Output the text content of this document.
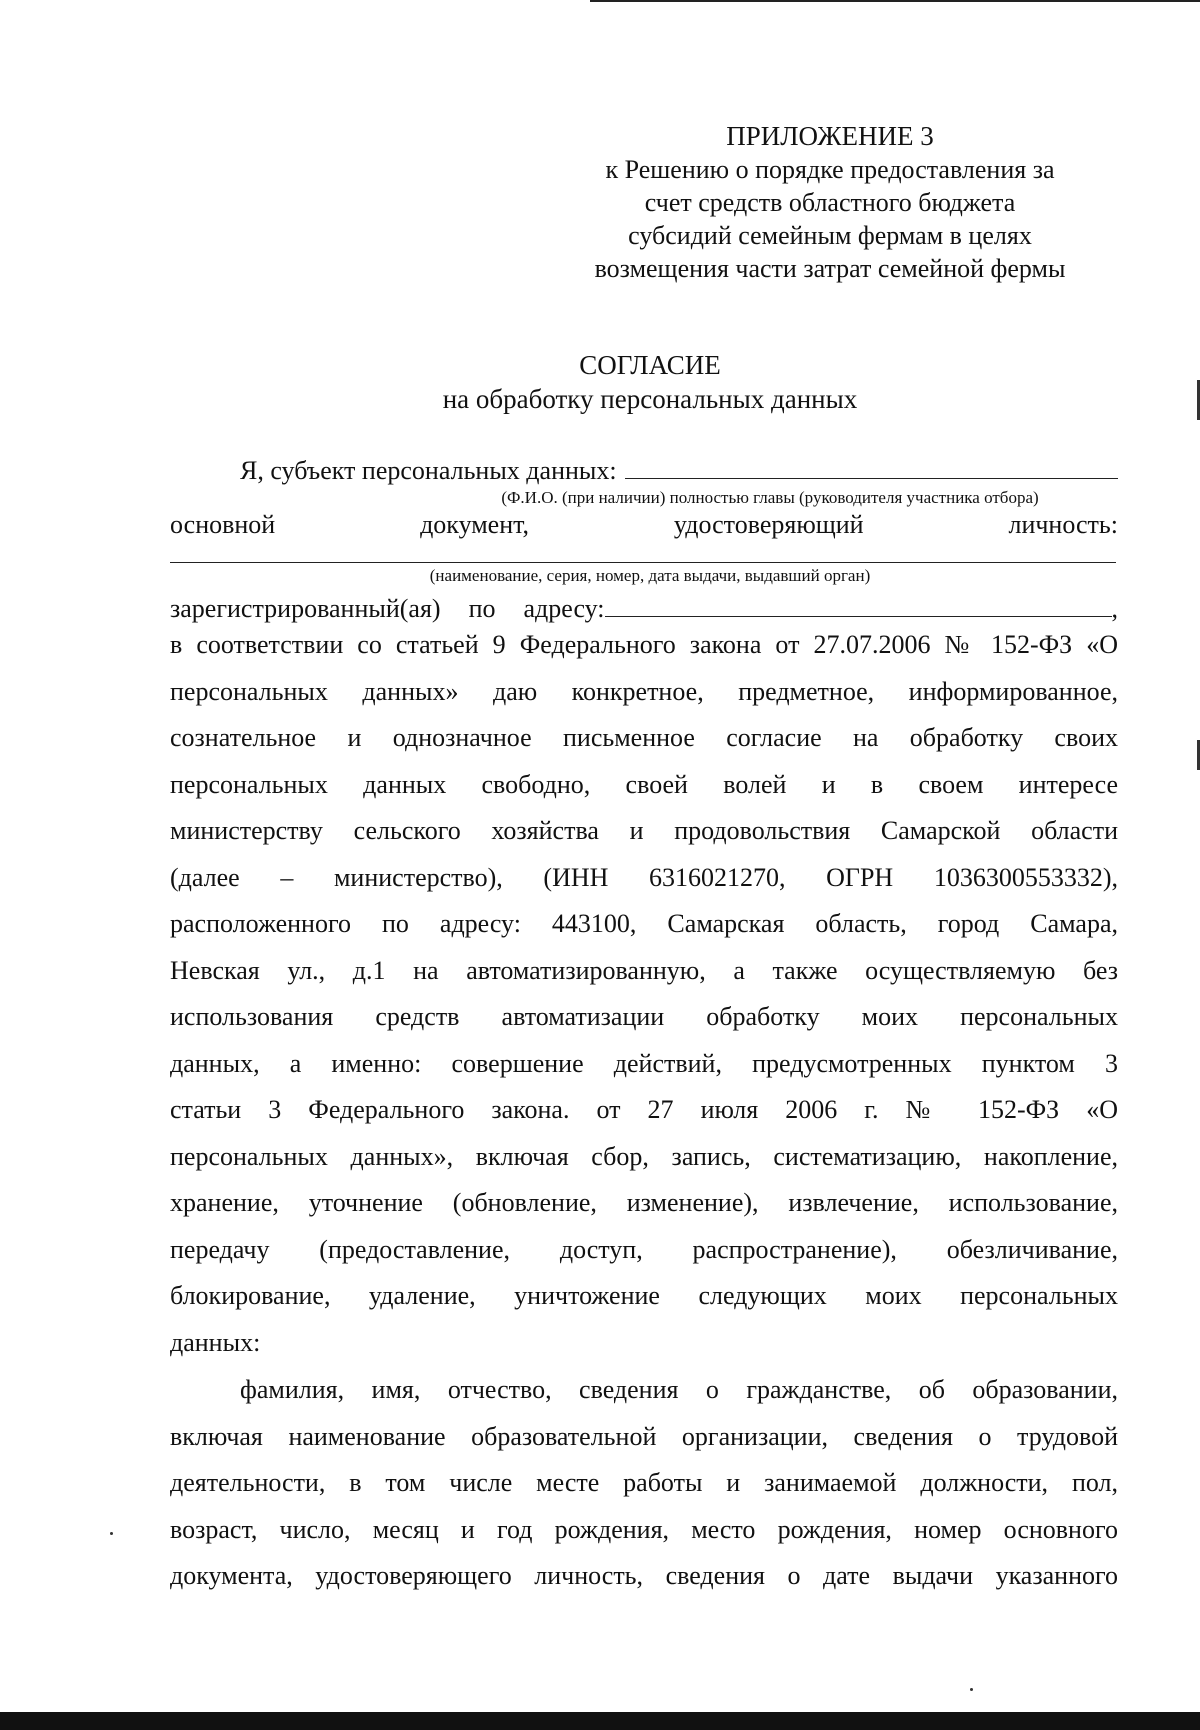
ПРИЛОЖЕНИЕ 3
к Решению о порядке предоставления за
счет средств областного бюджета
субсидий семейным фермам в целях
возмещения части затрат семейной фермы
СОГЛАСИЕ
на обработку персональных данных
Я, субъект персональных данных:
(Ф.И.О. (при наличии) полностью главы (руководителя участника отбора)
основной	документ,	удостоверяющий	личность:
(наименование, серия, номер, дата выдачи, выдавший орган)
зарегистрированный(ая) по адресу:	,
в соответствии со статьей 9 Федерального закона от 27.07.2006 № 152-ФЗ «О
персональных данных» даю конкретное, предметное, информированное,
сознательное и однозначное письменное согласие на обработку своих
персональных данных свободно, своей волей и в своем интересе
министерству сельского хозяйства и продовольствия Самарской области
(далее – министерство), (ИНН 6316021270, ОГРН 1036300553332),
расположенного по адресу: 443100, Самарская область, город Самара,
Невская ул., д.1 на автоматизированную, а также осуществляемую без
использования средств автоматизации обработку моих персональных
данных, а именно: совершение действий, предусмотренных пунктом 3
статьи 3 Федерального закона. от 27 июля 2006 г. № 152-ФЗ «О
персональных данных», включая сбор, запись, систематизацию, накопление,
хранение, уточнение (обновление, изменение), извлечение, использование,
передачу (предоставление, доступ, распространение), обезличивание,
блокирование, удаление, уничтожение следующих моих персональных
данных:
фамилия, имя, отчество, сведения о гражданстве, об образовании,
включая наименование образовательной организации, сведения о трудовой
деятельности, в том числе месте работы и занимаемой должности, пол,
возраст, число, месяц и год рождения, место рождения, номер основного
документа, удостоверяющего личность, сведения о дате выдачи указанного
